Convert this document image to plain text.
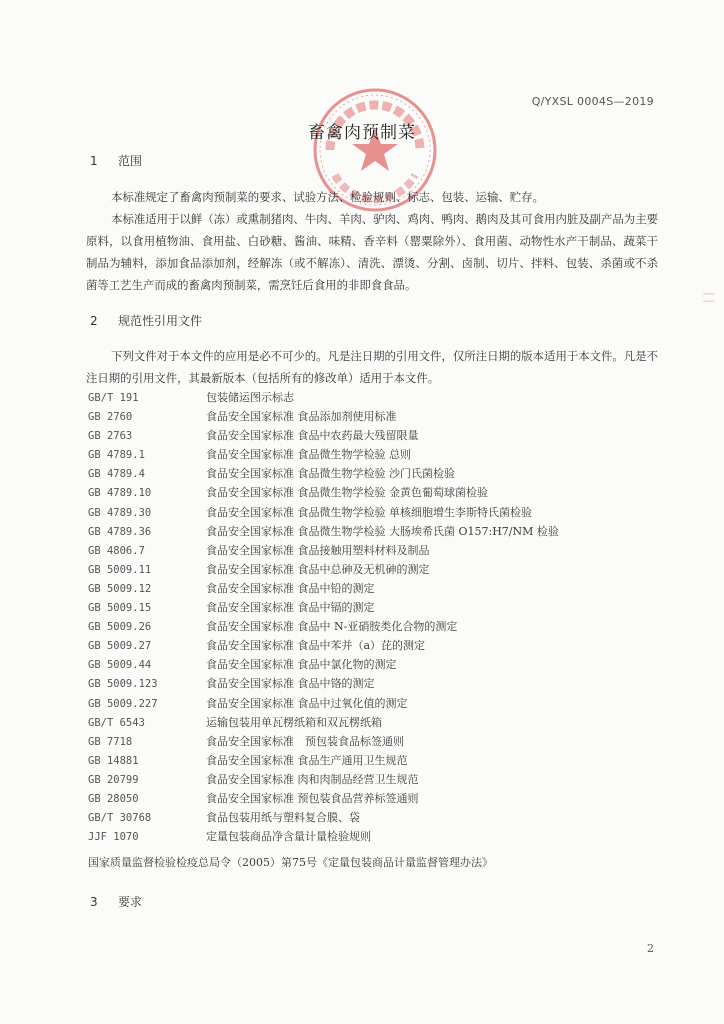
Q/YXSL 0004S—2019
畜禽肉预制菜
1 范围

本标准规定了畜禽肉预制菜的要求、试验方法、检验规则、标志、包装、运输、贮存。

本标准适用于以鲜（冻）或熏制猪肉、牛肉、羊肉、驴肉、鸡肉、鸭肉、鹅肉及其可食用内脏及副产品为主要原料，以食用植物油、食用盐、白砂糖、酱油、味精、香辛料（罂粟除外）、食用菌、动物性水产干制品、蔬菜干制品为辅料，添加食品添加剂，经解冻（或不解冻）、清洗、漂烫、分割、卤制、切片、拌料、包装、杀菌或不杀菌等工艺生产而成的畜禽肉预制菜，需烹饪后食用的非即食食品。

2 规范性引用文件

下列文件对于本文件的应用是必不可少的。凡是注日期的引用文件，仅所注日期的版本适用于本文件。凡是不注日期的引用文件，其最新版本（包括所有的修改单）适用于本文件。

GB/T 191	包装储运图示标志
GB 2760	食品安全国家标准 食品添加剂使用标准
GB 2763	食品安全国家标准 食品中农药最大残留限量
GB 4789.1	食品安全国家标准 食品微生物学检验 总则
GB 4789.4	食品安全国家标准 食品微生物学检验 沙门氏菌检验
GB 4789.10	食品安全国家标准 食品微生物学检验 金黄色葡萄球菌检验
GB 4789.30	食品安全国家标准 食品微生物学检验 单核细胞增生李斯特氏菌检验
GB 4789.36	食品安全国家标准 食品微生物学检验 大肠埃希氏菌 O157:H7/NM 检验
GB 4806.7	食品安全国家标准 食品接触用塑料材料及制品
GB 5009.11	食品安全国家标准 食品中总砷及无机砷的测定
GB 5009.12	食品安全国家标准 食品中铅的测定
GB 5009.15	食品安全国家标准 食品中镉的测定
GB 5009.26	食品安全国家标准 食品中 N-亚硝胺类化合物的测定
GB 5009.27	食品安全国家标准 食品中苯并（a）芘的测定
GB 5009.44	食品安全国家标准 食品中氯化物的测定
GB 5009.123	食品安全国家标准 食品中铬的测定
GB 5009.227	食品安全国家标准 食品中过氧化值的测定
GB/T 6543	运输包装用单瓦楞纸箱和双瓦楞纸箱
GB 7718	食品安全国家标准　预包装食品标签通则
GB 14881	食品安全国家标准 食品生产通用卫生规范
GB 20799	食品安全国家标准 肉和肉制品经营卫生规范
GB 28050	食品安全国家标准 预包装食品营养标签通则
GB/T 30768	食品包装用纸与塑料复合膜、袋
JJF 1070	定量包装商品净含量计量检验规则
国家质量监督检验检疫总局令（2005）第75号《定量包装商品计量监督管理办法》
3 要求
2
| |
